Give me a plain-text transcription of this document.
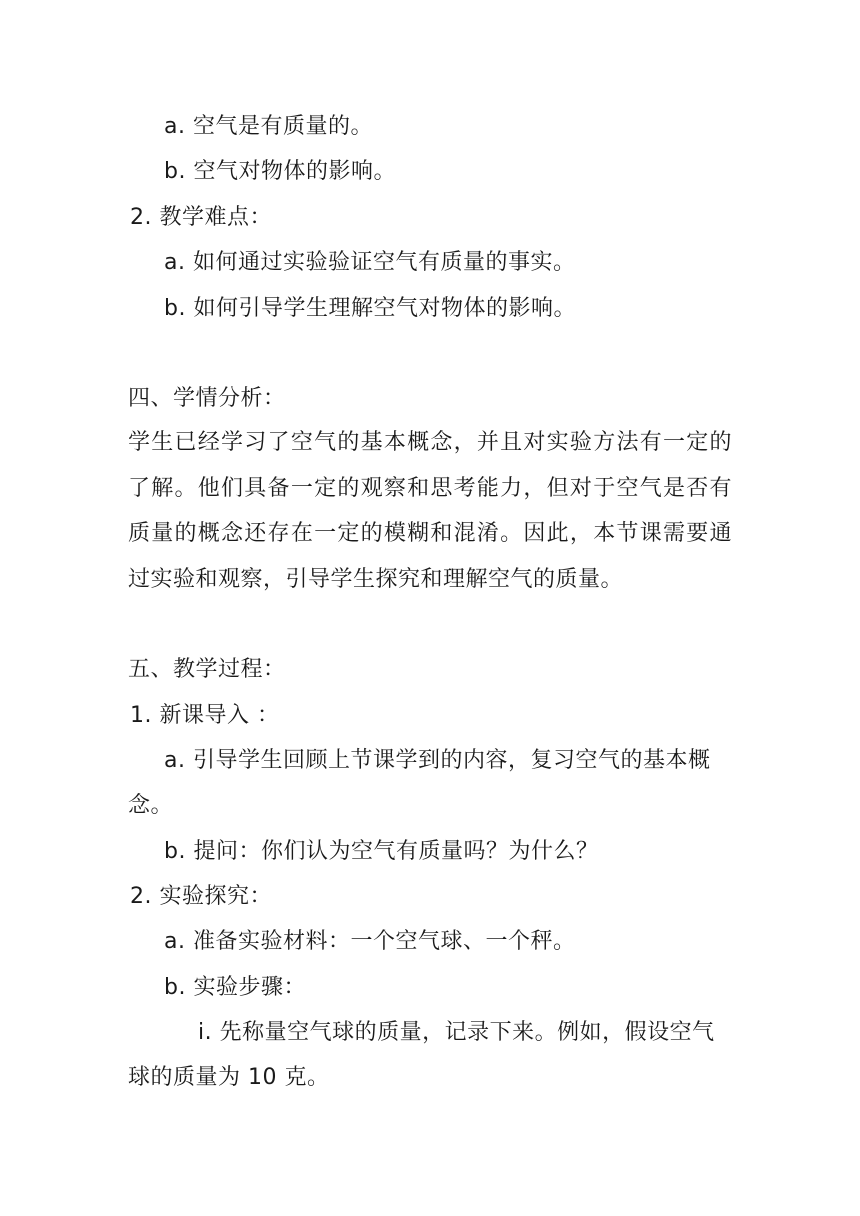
a. 空气是有质量的。
b. 空气对物体的影响。
2. 教学难点：
a. 如何通过实验验证空气有质量的事实。
b. 如何引导学生理解空气对物体的影响。
四、学情分析：
学生已经学习了空气的基本概念，并且对实验方法有一定的了解。他们具备一定的观察和思考能力，但对于空气是否有质量的概念还存在一定的模糊和混淆。因此，本节课需要通过实验和观察，引导学生探究和理解空气的质量。
五、教学过程：
1. 新课导入 ：
a. 引导学生回顾上节课学到的内容，复习空气的基本概
念。
b. 提问：你们认为空气有质量吗？为什么？
2. 实验探究：
a. 准备实验材料：一个空气球、一个秤。
b. 实验步骤：
i. 先称量空气球的质量，记录下来。例如，假设空气
球的质量为 10 克。
